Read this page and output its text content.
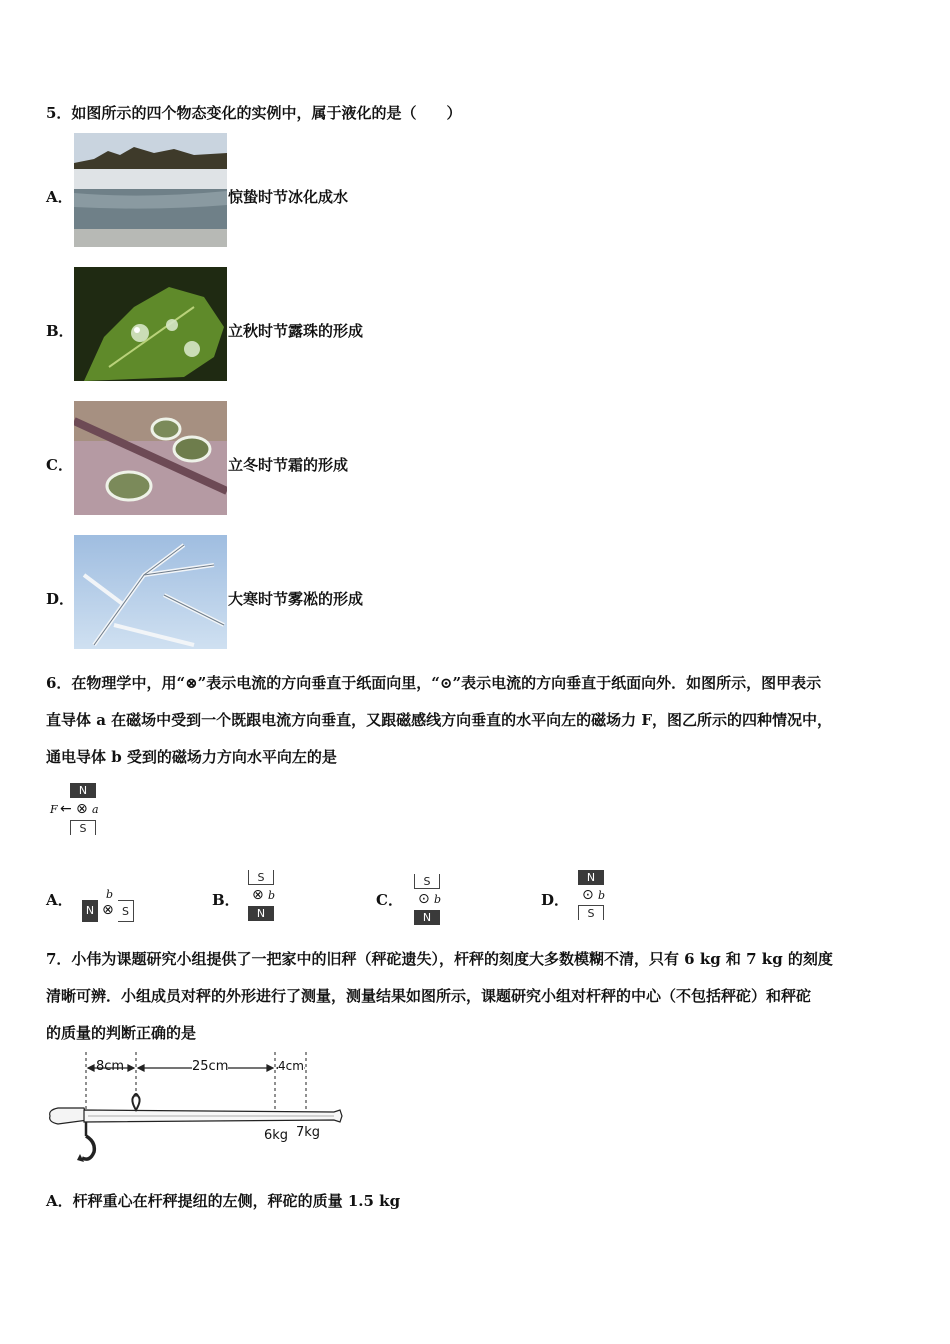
5．如图所示的四个物态变化的实例中，属于液化的是（　　）
A．	惊蛰时节冰化成水
B．	立秋时节露珠的形成
C．	立冬时节霜的形成
D．	大寒时节雾凇的形成
6．在物理学中，用“⊗”表示电流的方向垂直于纸面向里，“⊙”表示电流的方向垂直于纸面向外．如图所示，图甲表示
直导体 a 在磁场中受到一个既跟电流方向垂直，又跟磁感线方向垂直的水平向左的磁场力 F，图乙所示的四种情况中，
通电导体 b 受到的磁场力方向水平向左的是
N
F ← ⊗ a
S
A．
N ⊗
b
S
B．
S
⊗ b
N
C．
S
⊙ b
N
D．
N
⊙ b
S
7．小伟为课题研究小组提供了一把家中的旧秤（秤砣遗失），杆秤的刻度大多数模糊不清，只有 6 kg 和 7 kg 的刻度
清晰可辨．小组成员对秤的外形进行了测量，测量结果如图所示，课题研究小组对杆秤的中心（不包括秤砣）和秤砣
的质量的判断正确的是
8cm	25cm	4cm
6kg 7kg
A．杆秤重心在杆秤提纽的左侧，秤砣的质量 1.5 kg
